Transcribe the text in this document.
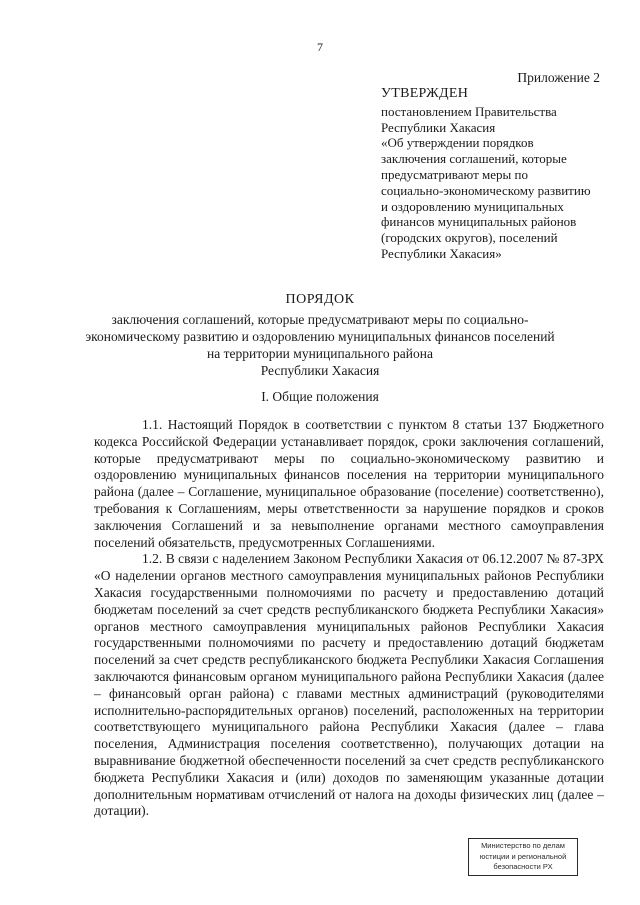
7
Приложение 2
УТВЕРЖДЕН
постановлением Правительства
Республики Хакасия
«Об утверждении порядков
заключения соглашений, которые
предусматривают меры по
социально-экономическому развитию
и оздоровлению муниципальных
финансов муниципальных районов
(городских округов), поселений
Республики Хакасия»
ПОРЯДОК
заключения соглашений, которые предусматривают меры по социально-
экономическому развитию и оздоровлению муниципальных финансов поселений
на территории муниципального района
Республики Хакасия
I. Общие положения

1.1. Настоящий Порядок в соответствии с пунктом 8 статьи 137 Бюджетного кодекса Российской Федерации устанавливает порядок, сроки заключения соглашений, которые предусматривают меры по социально-экономическому развитию и оздоровлению муниципальных финансов поселения на территории муниципального района (далее – Соглашение, муниципальное образование (поселение) соответственно), требования к Соглашениям, меры ответственности за нарушение порядков и сроков заключения Соглашений и за невыполнение органами местного самоуправления поселений обязательств, предусмотренных Соглашениями.

1.2. В связи с наделением Законом Республики Хакасия от 06.12.2007 № 87-ЗРХ «О наделении органов местного самоуправления муниципальных районов Республики Хакасия государственными полномочиями по расчету и предоставлению дотаций бюджетам поселений за счет средств республиканского бюджета Республики Хакасия» органов местного самоуправления муниципальных районов Республики Хакасия государственными полномочиями по расчету и предоставлению дотаций бюджетам поселений за счет средств республиканского бюджета Республики Хакасия Соглашения заключаются финансовым органом муниципального района Республики Хакасия (далее – финансовый орган района) с главами местных администраций (руководителями исполнительно-распорядительных органов) поселений, расположенных на территории соответствующего муниципального района Республики Хакасия (далее – глава поселения, Администрация поселения соответственно), получающих дотации на выравнивание бюджетной обеспеченности поселений за счет средств республиканского бюджета Республики Хакасия и (или) доходов по заменяющим указанные дотации дополнительным нормативам отчислений от налога на доходы физических лиц (далее – дотации).

Министерство по делам
юстиции и региональной
безопасности РХ
